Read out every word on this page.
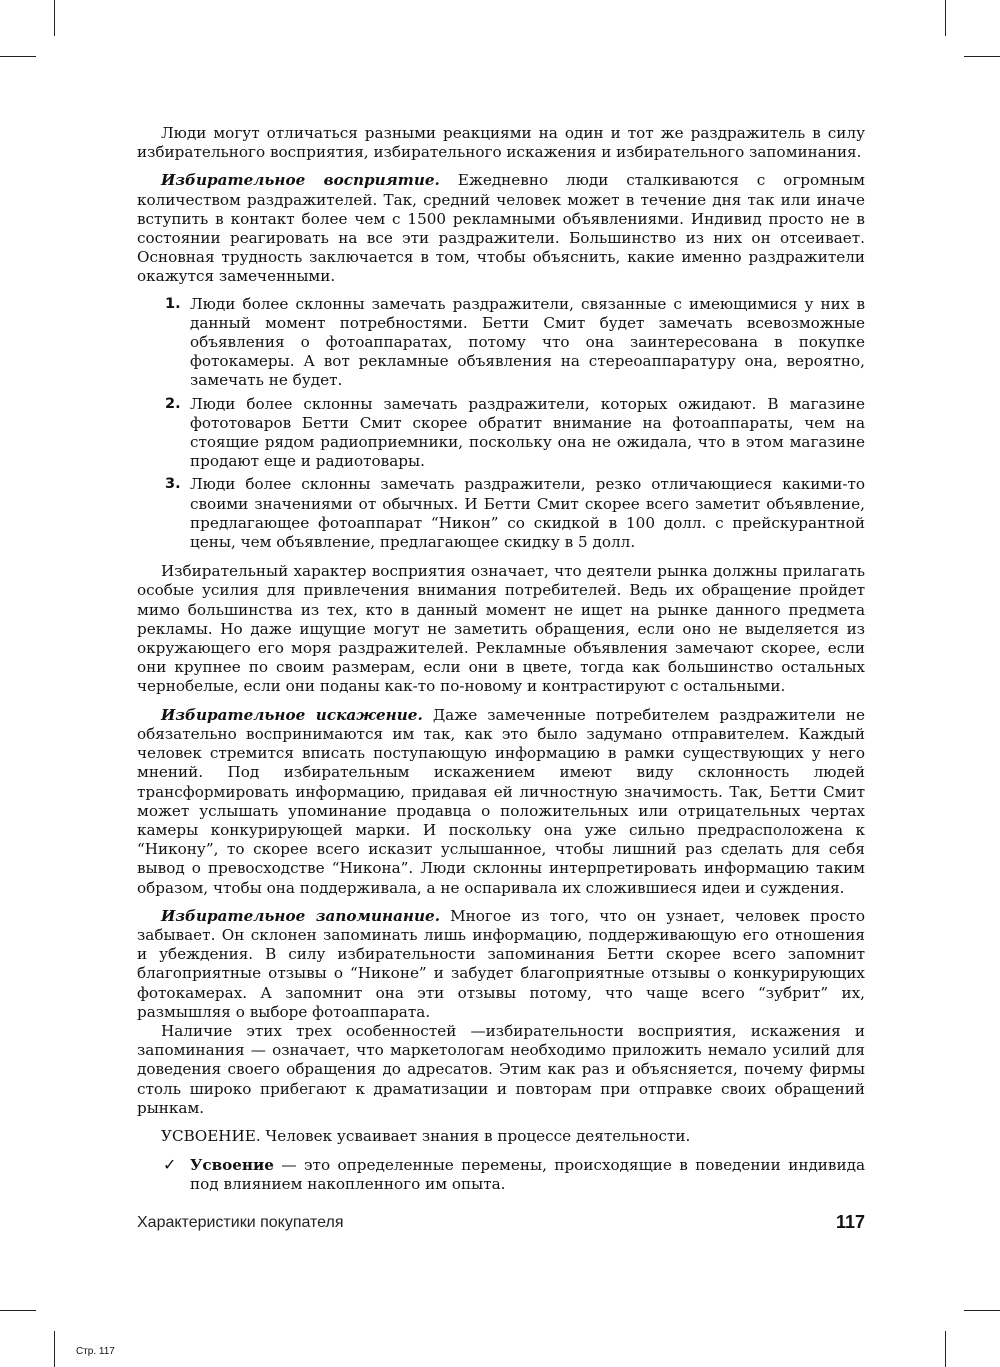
Люди могут отличаться разными реакциями на один и тот же раздражитель в силу избирательного восприятия, избирательного искажения и избирательного запоминания.

Избирательное восприятие. Ежедневно люди сталкиваются с огромным количеством раздражителей. Так, средний человек может в течение дня так или иначе вступить в контакт более чем с 1500 рекламными объявлениями. Индивид просто не в состоянии реагировать на все эти раздражители. Большинство из них он отсеивает. Основная трудность заключается в том, чтобы объяснить, какие именно раздражители окажутся замеченными.

1. Люди более склонны замечать раздражители, связанные с имеющимися у них в данный момент потребностями. Бетти Смит будет замечать всевозможные объявления о фотоаппаратах, потому что она заинтересована в покупке фотокамеры. А вот рекламные объявления на стереоаппаратуру она, вероятно, замечать не будет.
2. Люди более склонны замечать раздражители, которых ожидают. В магазине фототоваров Бетти Смит скорее обратит внимание на фотоаппараты, чем на стоящие рядом радиоприемники, поскольку она не ожидала, что в этом магазине продают еще и радиотовары.
3. Люди более склонны замечать раздражители, резко отличающиеся какими-то своими значениями от обычных. И Бетти Смит скорее всего заметит объявление, предлагающее фотоаппарат “Никон” со скидкой в 100 долл. с прейскурантной цены, чем объявление, предлагающее скидку в 5 долл.

Избирательный характер восприятия означает, что деятели рынка должны прилагать особые усилия для привлечения внимания потребителей. Ведь их обращение пройдет мимо большинства из тех, кто в данный момент не ищет на рынке данного предмета рекламы. Но даже ищущие могут не заметить обращения, если оно не выделяется из окружающего его моря раздражителей. Рекламные объявления замечают скорее, если они крупнее по своим размерам, если они в цвете, тогда как большинство остальных чернобелые, если они поданы как-то по-новому и контрастируют с остальными.

Избирательное искажение. Даже замеченные потребителем раздражители не обязательно воспринимаются им так, как это было задумано отправителем. Каждый человек стремится вписать поступающую информацию в рамки существующих у него мнений. Под избирательным искажением имеют виду склонность людей трансформировать информацию, придавая ей личностную значимость. Так, Бетти Смит может услышать упоминание продавца о положительных или отрицательных чертах камеры конкурирующей марки. И поскольку она уже сильно предрасположена к “Никону”, то скорее всего исказит услышанное, чтобы лишний раз сделать для себя вывод о превосходстве “Никона”. Люди склонны интерпретировать информацию таким образом, чтобы она поддерживала, а не оспаривала их сложившиеся идеи и суждения.

Избирательное запоминание. Многое из того, что он узнает, человек просто забывает. Он склонен запоминать лишь информацию, поддерживающую его отношения и убеждения. В силу избирательности запоминания Бетти скорее всего запомнит благоприятные отзывы о “Никоне” и забудет благоприятные отзывы о конкурирующих фотокамерах. А запомнит она эти отзывы потому, что чаще всего “зубрит” их, размышляя о выборе фотоаппарата.

Наличие этих трех особенностей —избирательности восприятия, искажения и запоминания — означает, что маркетологам необходимо приложить немало усилий для доведения своего обращения до адресатов. Этим как раз и объясняется, почему фирмы столь широко прибегают к драматизации и повторам при отправке своих обращений рынкам.

УСВОЕНИЕ. Человек усваивает знания в процессе деятельности.

✓ Усвоение — это определенные перемены, происходящие в поведении индивида под влиянием накопленного им опыта.
Характеристики покупателя	117
Стр. 117
